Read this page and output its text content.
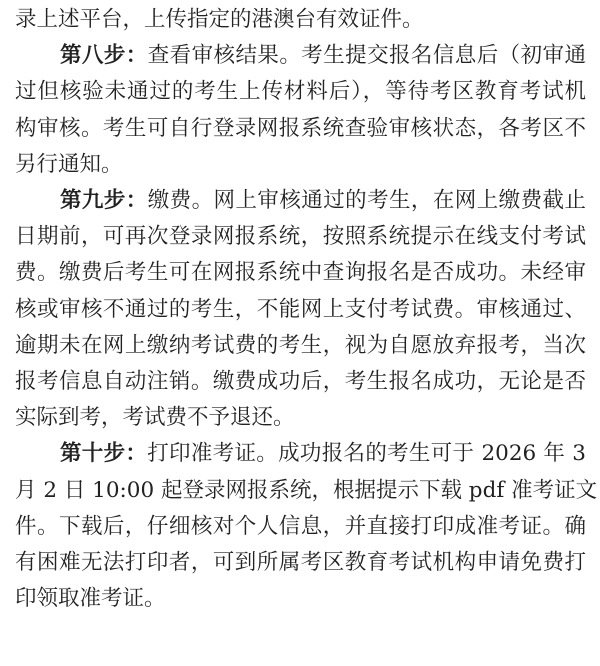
录上述平台，上传指定的港澳台有效证件。
第八步：查看审核结果。考生提交报名信息后（初审通
过但核验未通过的考生上传材料后），等待考区教育考试机
构审核。考生可自行登录网报系统查验审核状态，各考区不
另行通知。
第九步：缴费。网上审核通过的考生，在网上缴费截止
日期前，可再次登录网报系统，按照系统提示在线支付考试
费。缴费后考生可在网报系统中查询报名是否成功。未经审
核或审核不通过的考生，不能网上支付考试费。审核通过、
逾期未在网上缴纳考试费的考生，视为自愿放弃报考，当次
报考信息自动注销。缴费成功后，考生报名成功，无论是否
实际到考，考试费不予退还。
第十步：打印准考证。成功报名的考生可于 2026 年 3
月 2 日 10:00 起登录网报系统，根据提示下载 pdf 准考证文
件。下载后，仔细核对个人信息，并直接打印成准考证。确
有困难无法打印者，可到所属考区教育考试机构申请免费打
印领取准考证。
